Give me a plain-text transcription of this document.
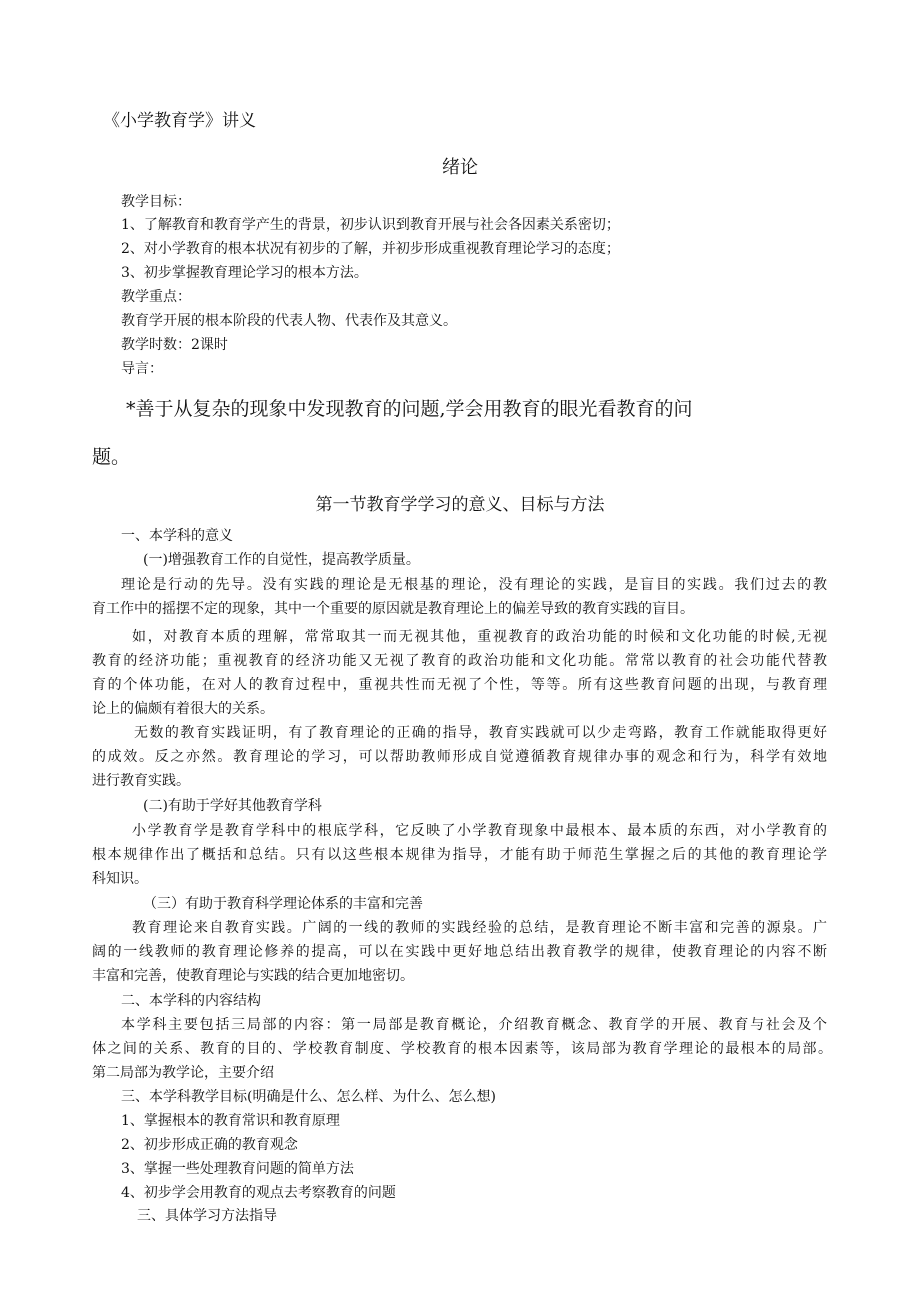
《小学教育学》讲义
绪论
教学目标：
1、了解教育和教育学产生的背景，初步认识到教育开展与社会各因素关系密切；
2、对小学教育的根本状况有初步的了解，并初步形成重视教育理论学习的态度；
3、初步掌握教育理论学习的根本方法。
教学重点：
教育学开展的根本阶段的代表人物、代表作及其意义。
教学时数：2课时
导言：
*善于从复杂的现象中发现教育的问题,学会用教育的眼光看教育的问
题。
第一节教育学学习的意义、目标与方法
一、本学科的意义
(一)增强教育工作的自觉性，提高教学质量。
理论是行动的先导。没有实践的理论是无根基的理论，没有理论的实践，是盲目的实践。我们过去的教
育工作中的摇摆不定的现象，其中一个重要的原因就是教育理论上的偏差导致的教育实践的盲目。
如，对教育本质的理解，常常取其一而无视其他，重视教育的政治功能的时候和文化功能的时候,无视
教育的经济功能；重视教育的经济功能又无视了教育的政治功能和文化功能。常常以教育的社会功能代替教
育的个体功能，在对人的教育过程中，重视共性而无视了个性，等等。所有这些教育问题的出现，与教育理
论上的偏颇有着很大的关系。
无数的教育实践证明，有了教育理论的正确的指导，教育实践就可以少走弯路，教育工作就能取得更好
的成效。反之亦然。教育理论的学习，可以帮助教师形成自觉遵循教育规律办事的观念和行为，科学有效地
进行教育实践。
(二)有助于学好其他教育学科
小学教育学是教育学科中的根底学科，它反映了小学教育现象中最根本、最本质的东西，对小学教育的
根本规律作出了概括和总结。只有以这些根本规律为指导，才能有助于师范生掌握之后的其他的教育理论学
科知识。
（三）有助于教育科学理论体系的丰富和完善
教育理论来自教育实践。广阔的一线的教师的实践经验的总结，是教育理论不断丰富和完善的源泉。广
阔的一线教师的教育理论修养的提高，可以在实践中更好地总结出教育教学的规律，使教育理论的内容不断
丰富和完善，使教育理论与实践的结合更加地密切。
二、本学科的内容结构
本学科主要包括三局部的内容：第一局部是教育概论，介绍教育概念、教育学的开展、教育与社会及个
体之间的关系、教育的目的、学校教育制度、学校教育的根本因素等，该局部为教育学理论的最根本的局部。
第二局部为教学论，主要介绍
三、本学科教学目标(明确是什么、怎么样、为什么、怎么想)
1、掌握根本的教育常识和教育原理
2、初步形成正确的教育观念
3、掌握一些处理教育问题的简单方法
4、初步学会用教育的观点去考察教育的问题
三、具体学习方法指导
